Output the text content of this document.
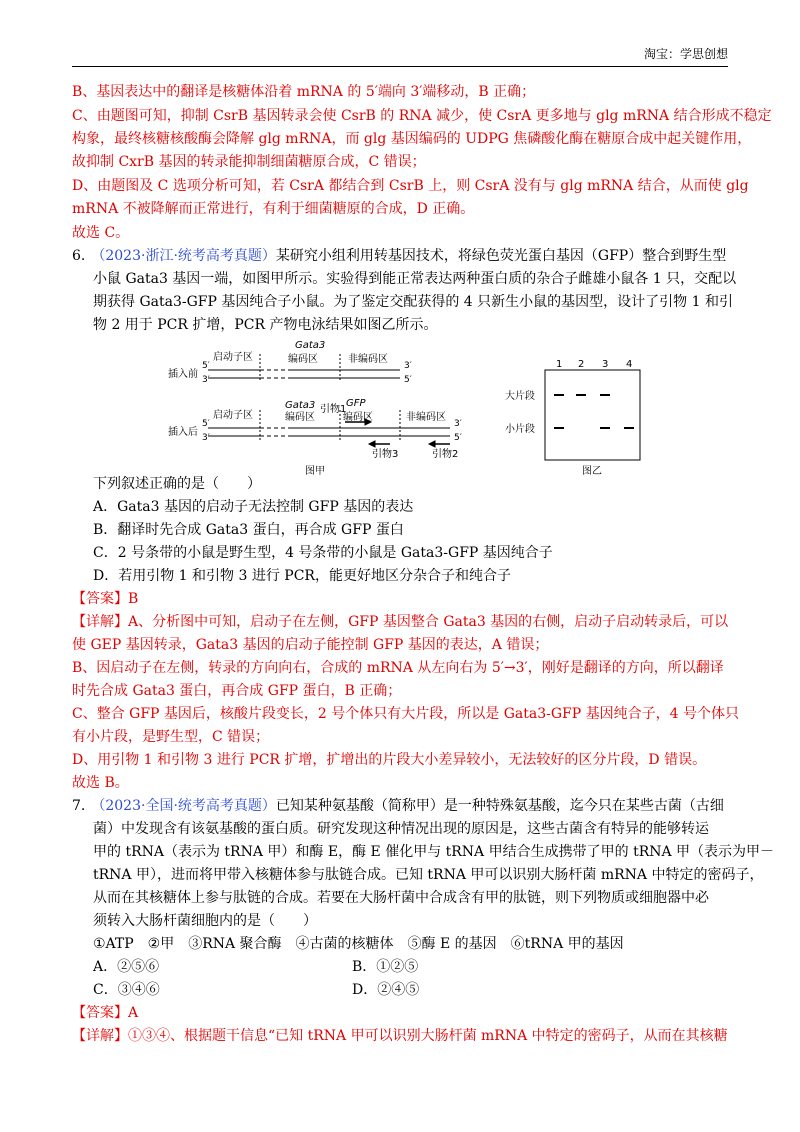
淘宝：学思创想
B、基因表达中的翻译是核糖体沿着 mRNA 的 5′端向 3′端移动，B 正确；
C、由题图可知，抑制 CsrB 基因转录会使 CsrB 的 RNA 减少，使 CsrA 更多地与 glg mRNA 结合形成不稳定
构象，最终核糖核酸酶会降解 glg mRNA，而 glg 基因编码的 UDPG 焦磷酸化酶在糖原合成中起关键作用，
故抑制 CxrB 基因的转录能抑制细菌糖原合成，C 错误；
D、由题图及 C 选项分析可知，若 CsrA 都结合到 CsrB 上，则 CsrA 没有与 glg mRNA 结合，从而使 glg
mRNA 不被降解而正常进行，有利于细菌糖原的合成，D 正确。
故选 C。
6. （2023·浙江·统考高考真题）某研究小组利用转基因技术，将绿色荧光蛋白基因（GFP）整合到野生型
小鼠 Gata3 基因一端，如图甲所示。实验得到能正常表达两种蛋白质的杂合子雌雄小鼠各 1 只，交配以
期获得 Gata3-GFP 基因纯合子小鼠。为了鉴定交配获得的 4 只新生小鼠的基因型，设计了引物 1 和引
物 2 用于 PCR 扩增，PCR 产物电泳结果如图乙所示。
下列叙述正确的是（　　）
A．Gata3 基因的启动子无法控制 GFP 基因的表达
B．翻译时先合成 Gata3 蛋白，再合成 GFP 蛋白
C．2 号条带的小鼠是野生型，4 号条带的小鼠是 Gata3-GFP 基因纯合子
D．若用引物 1 和引物 3 进行 PCR，能更好地区分杂合子和纯合子
【答案】B
【详解】A、分析图中可知，启动子在左侧，GFP 基因整合 Gata3 基因的右侧，启动子启动转录后，可以
使 GEP 基因转录，Gata3 基因的启动子能控制 GFP 基因的表达，A 错误；
B、因启动子在左侧，转录的方向向右，合成的 mRNA 从左向右为 5′→3′，刚好是翻译的方向，所以翻译
时先合成 Gata3 蛋白，再合成 GFP 蛋白，B 正确；
C、整合 GFP 基因后，核酸片段变长，2 号个体只有大片段，所以是 Gata3-GFP 基因纯合子，4 号个体只
有小片段，是野生型，C 错误；
D、用引物 1 和引物 3 进行 PCR 扩增，扩增出的片段大小差异较小，无法较好的区分片段，D 错误。
故选 B。
7. （2023·全国·统考高考真题）已知某种氨基酸（简称甲）是一种特殊氨基酸，迄今只在某些古菌（古细
菌）中发现含有该氨基酸的蛋白质。研究发现这种情况出现的原因是，这些古菌含有特异的能够转运
甲的 tRNA（表示为 tRNA 甲）和酶 E，酶 E 催化甲与 tRNA 甲结合生成携带了甲的 tRNA 甲（表示为甲－
tRNA 甲），进而将甲带入核糖体参与肽链合成。已知 tRNA 甲可以识别大肠杆菌 mRNA 中特定的密码子，
从而在其核糖体上参与肽链的合成。若要在大肠杆菌中合成含有甲的肽链，则下列物质或细胞器中必
须转入大肠杆菌细胞内的是（　　）
①ATP　②甲　③RNA 聚合酶　④古菌的核糖体　⑤酶 E 的基因　⑥tRNA 甲的基因
A．②⑤⑥	B．①②⑤
C．③④⑥	D．②④⑤
【答案】A
【详解】①③④、根据题干信息“已知 tRNA 甲可以识别大肠杆菌 mRNA 中特定的密码子，从而在其核糖
插入前
插入后
启动子区
Gata3
编码区	非编码区
启动子区
Gata3
编码区
GFP
编码区	非编码区
引物1
引物3	引物2
5′
3′
3′
5′
5′
3′
3′
5′
图甲
1 2 3 4
大片段
小片段
图乙
